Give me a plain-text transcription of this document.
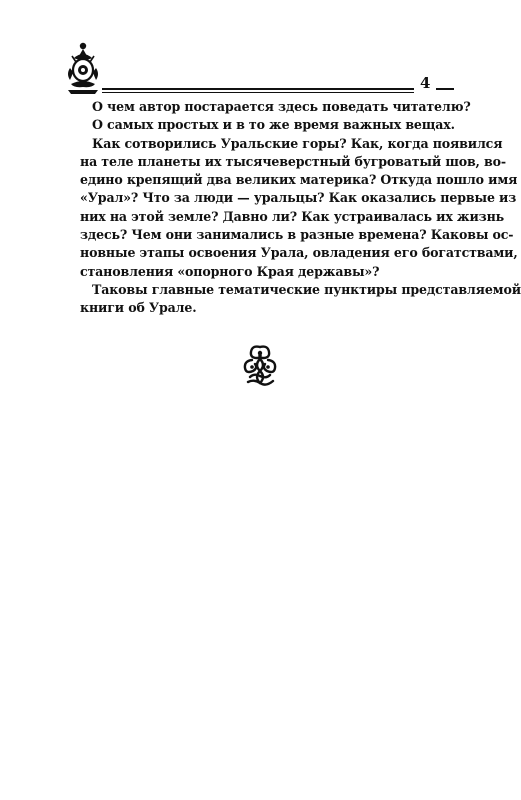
4
О чем автор постарается здесь поведать читателю?
О самых простых и в то же время важных вещах.
Как сотворились Уральские горы? Как, когда появился
на теле планеты их тысячеверстный бугроватый шов, во-
едино крепящий два великих материка? Откуда пошло имя
«Урал»? Что за люди — уральцы? Как оказались первые из
них на этой земле? Давно ли? Как устраивалась их жизнь
здесь? Чем они занимались в разные времена? Каковы ос-
новные этапы освоения Урала, овладения его богатствами,
становления «опорного Края державы»?
Таковы главные тематические пунктиры представляемой
книги об Урале.
